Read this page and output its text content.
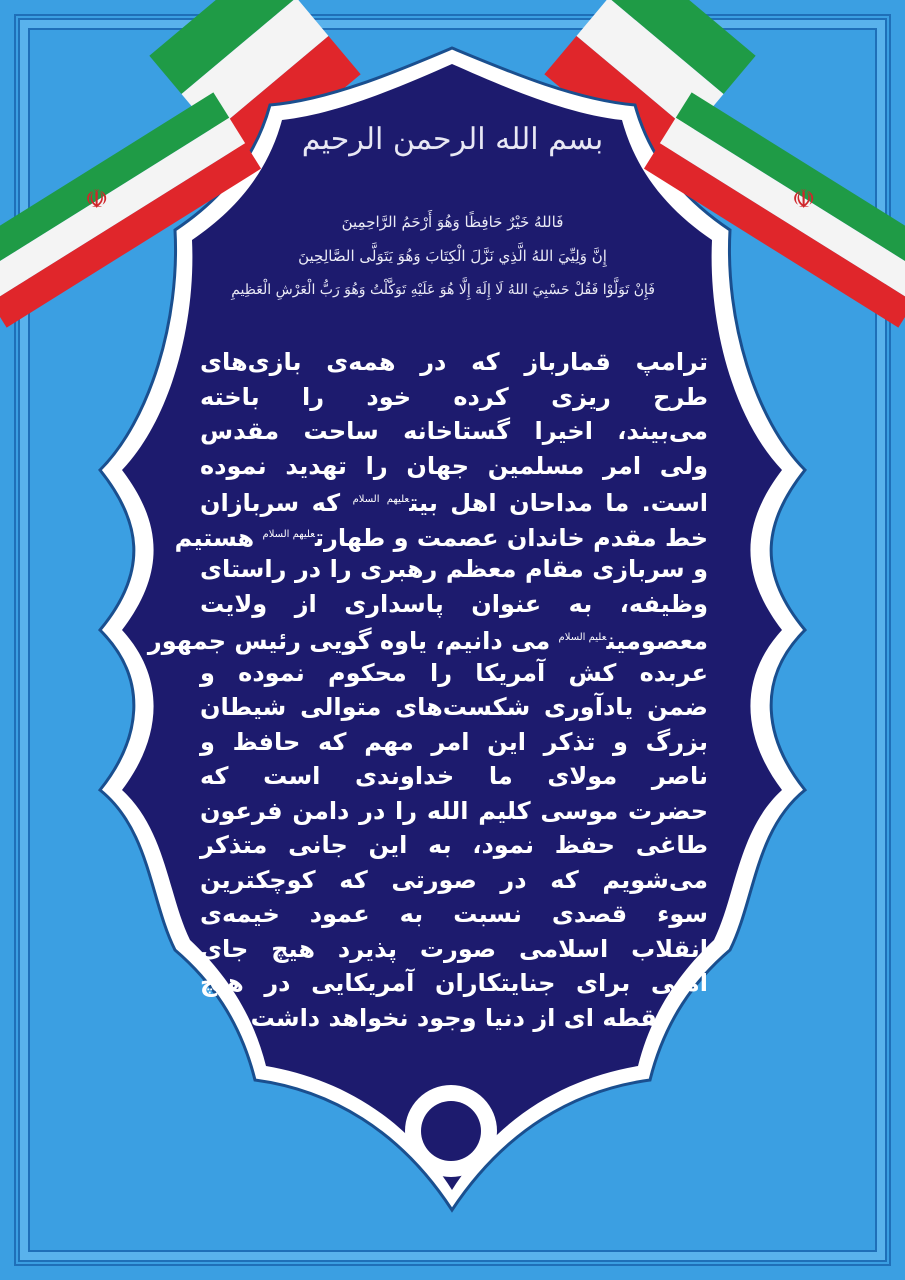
☫	☫
بسم الله الرحمن الرحیم
فَاللهُ خَيْرٌ حَافِظًا وَهُوَ أَرْحَمُ الرَّاحِمِينَ
إِنَّ وَلِيِّيَ اللهُ الَّذِي نَزَّلَ الْكِتَابَ وَهُوَ يَتَوَلَّى الصَّالِحِينَ
فَإِنْ تَوَلَّوْا فَقُلْ حَسْبِيَ اللهُ لَا إِلَهَ إِلَّا هُوَ عَلَيْهِ تَوَكَّلْتُ وَهُوَ رَبُّ الْعَرْشِ الْعَظِيمِ
ترامپ قمارباز که در همه‌ی بازی‌های
طرح ریزی کرده خود را باخته
می‌بیند، اخیرا گستاخانه ساحت مقدس
ولی امر مسلمین جهان را تهدید نموده
است. ما مداحان اهل بیت$^{علیهم السلام}$ که سربازان
خط مقدم خاندان عصمت و طهارت$^{علیهم السلام}$ هستیم
و سربازی مقام معظم رهبری را در راستای
وظیفه، به عنوان پاسداری از ولایت
معصومین$^{علیم السلام}$ می دانیم، یاوه گویی رئیس جمهور
عربده کش آمریکا را محکوم نموده و
ضمن یادآوری شکست‌های متوالی شیطان
بزرگ و تذکر این امر مهم که حافظ و
ناصر مولای ما خداوندی است که
حضرت موسی کلیم الله را در دامن فرعون
طاغی حفظ نمود، به این جانی متذکر
می‌شویم که در صورتی که کوچکترین
سوء قصدی نسبت به عمود خیمه‌ی
انقلاب اسلامی صورت پذیرد هیچ جای
امنی برای جنایتکاران آمریکایی در هیچ
نقطه ای از دنیا وجود نخواهد داشت.
